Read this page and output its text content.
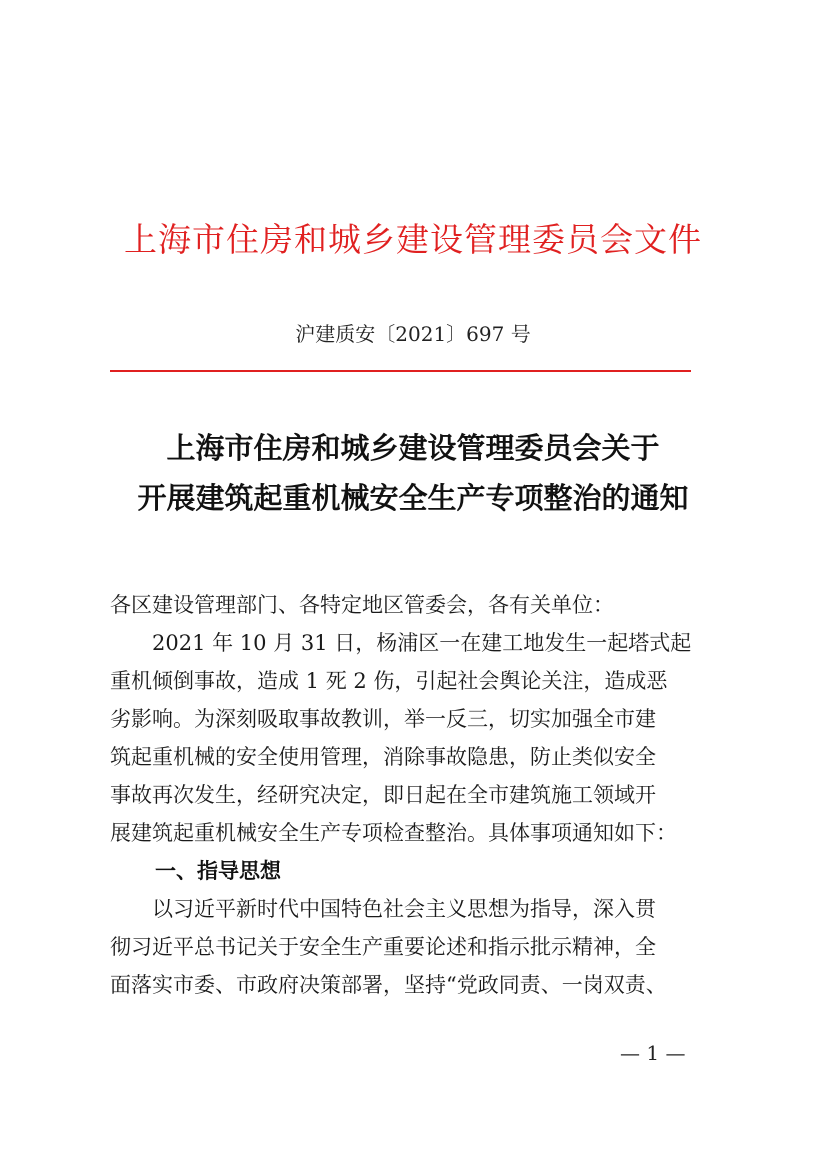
上海市住房和城乡建设管理委员会文件
沪建质安〔2021〕697 号
上海市住房和城乡建设管理委员会关于
开展建筑起重机械安全生产专项整治的通知
各区建设管理部门、各特定地区管委会，各有关单位：
　　2021 年 10 月 31 日，杨浦区一在建工地发生一起塔式起
重机倾倒事故，造成 1 死 2 伤，引起社会舆论关注，造成恶
劣影响。为深刻吸取事故教训，举一反三，切实加强全市建
筑起重机械的安全使用管理，消除事故隐患，防止类似安全
事故再次发生，经研究决定，即日起在全市建筑施工领域开
展建筑起重机械安全生产专项检查整治。具体事项通知如下：
一、指导思想
　　以习近平新时代中国特色社会主义思想为指导，深入贯
彻习近平总书记关于安全生产重要论述和指示批示精神，全
面落实市委、市政府决策部署，坚持“党政同责、一岗双责、
— 1 —
